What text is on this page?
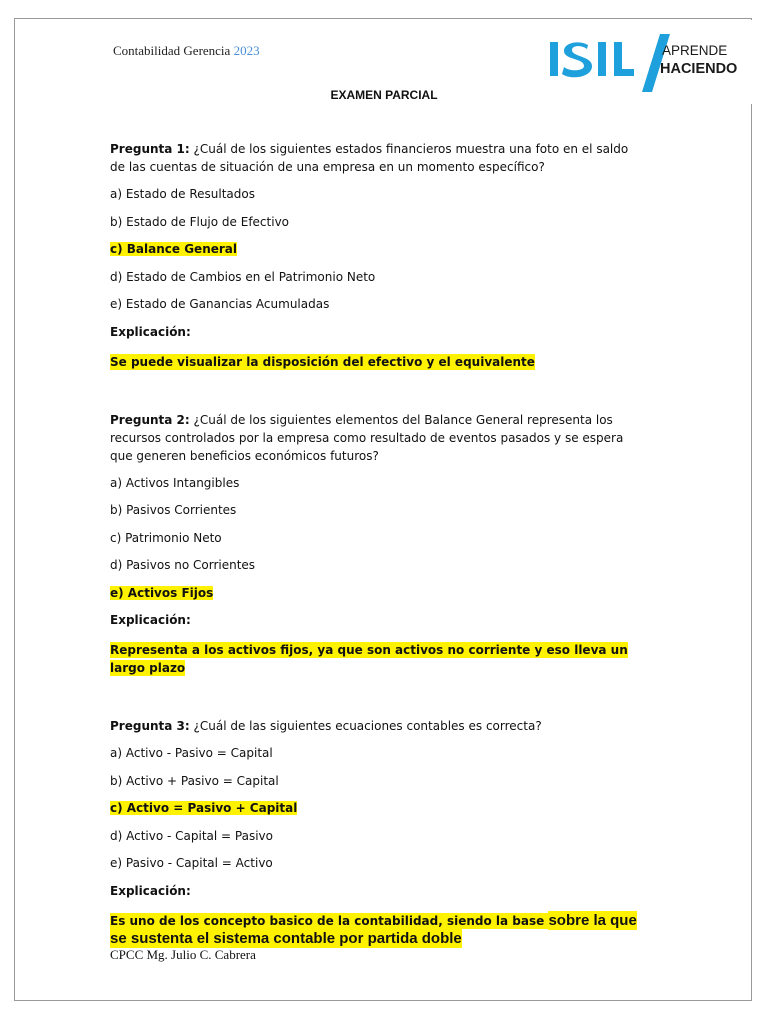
Contabilidad Gerencia 2023	APRENDE
HACIENDO
EXAMEN PARCIAL

Pregunta 1: ¿Cuál de los siguientes estados financieros muestra una foto en el saldo de las cuentas de situación de una empresa en un momento específico?

a) Estado de Resultados

b) Estado de Flujo de Efectivo

c) Balance General

d) Estado de Cambios en el Patrimonio Neto

e) Estado de Ganancias Acumuladas

Explicación:

Se puede visualizar la disposición del efectivo y el equivalente

Pregunta 2: ¿Cuál de los siguientes elementos del Balance General representa los recursos controlados por la empresa como resultado de eventos pasados y se espera que generen beneficios económicos futuros?

a) Activos Intangibles

b) Pasivos Corrientes

c) Patrimonio Neto

d) Pasivos no Corrientes

e) Activos Fijos

Explicación:

Representa a los activos fijos, ya que son activos no corriente y eso lleva un largo plazo

Pregunta 3: ¿Cuál de las siguientes ecuaciones contables es correcta?

a) Activo - Pasivo = Capital

b) Activo + Pasivo = Capital

c) Activo = Pasivo + Capital

d) Activo - Capital = Pasivo

e) Pasivo - Capital = Activo

Explicación:

Es uno de los concepto basico de la contabilidad, siendo la base sobre la que se sustenta el sistema contable por partida doble

CPCC Mg. Julio C. Cabrera
